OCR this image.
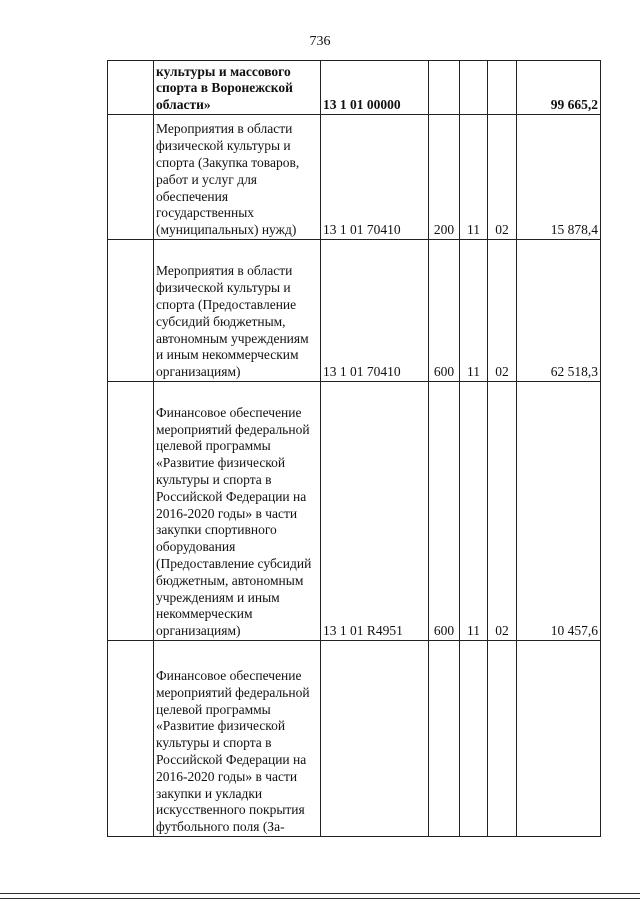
736
	культуры и массового спорта в Воронежской области»	13 1 01 00000				99 665,2
	Мероприятия в области физической культуры и спорта (Закупка товаров, работ и услуг для обеспечения государственных (муниципальных) нужд)	13 1 01 70410	200	11	02	15 878,4
	Мероприятия в области физической культуры и спорта (Предоставление субсидий бюджетным, автономным учреждениям и иным некоммерческим организациям)	13 1 01 70410	600	11	02	62 518,3
	Финансовое обеспечение мероприятий федеральной целевой программы «Развитие физической культуры и спорта в Российской Федерации на 2016-2020 годы» в части закупки спортивного оборудования (Предоставление субсидий бюджетным, автономным учреждениям и иным некоммерческим организациям)	13 1 01 R4951	600	11	02	10 457,6
	Финансовое обеспечение мероприятий федеральной целевой программы «Развитие физической культуры и спорта в Российской Федерации на 2016-2020 годы» в части закупки и укладки искусственного покрытия футбольного поля (За-					
